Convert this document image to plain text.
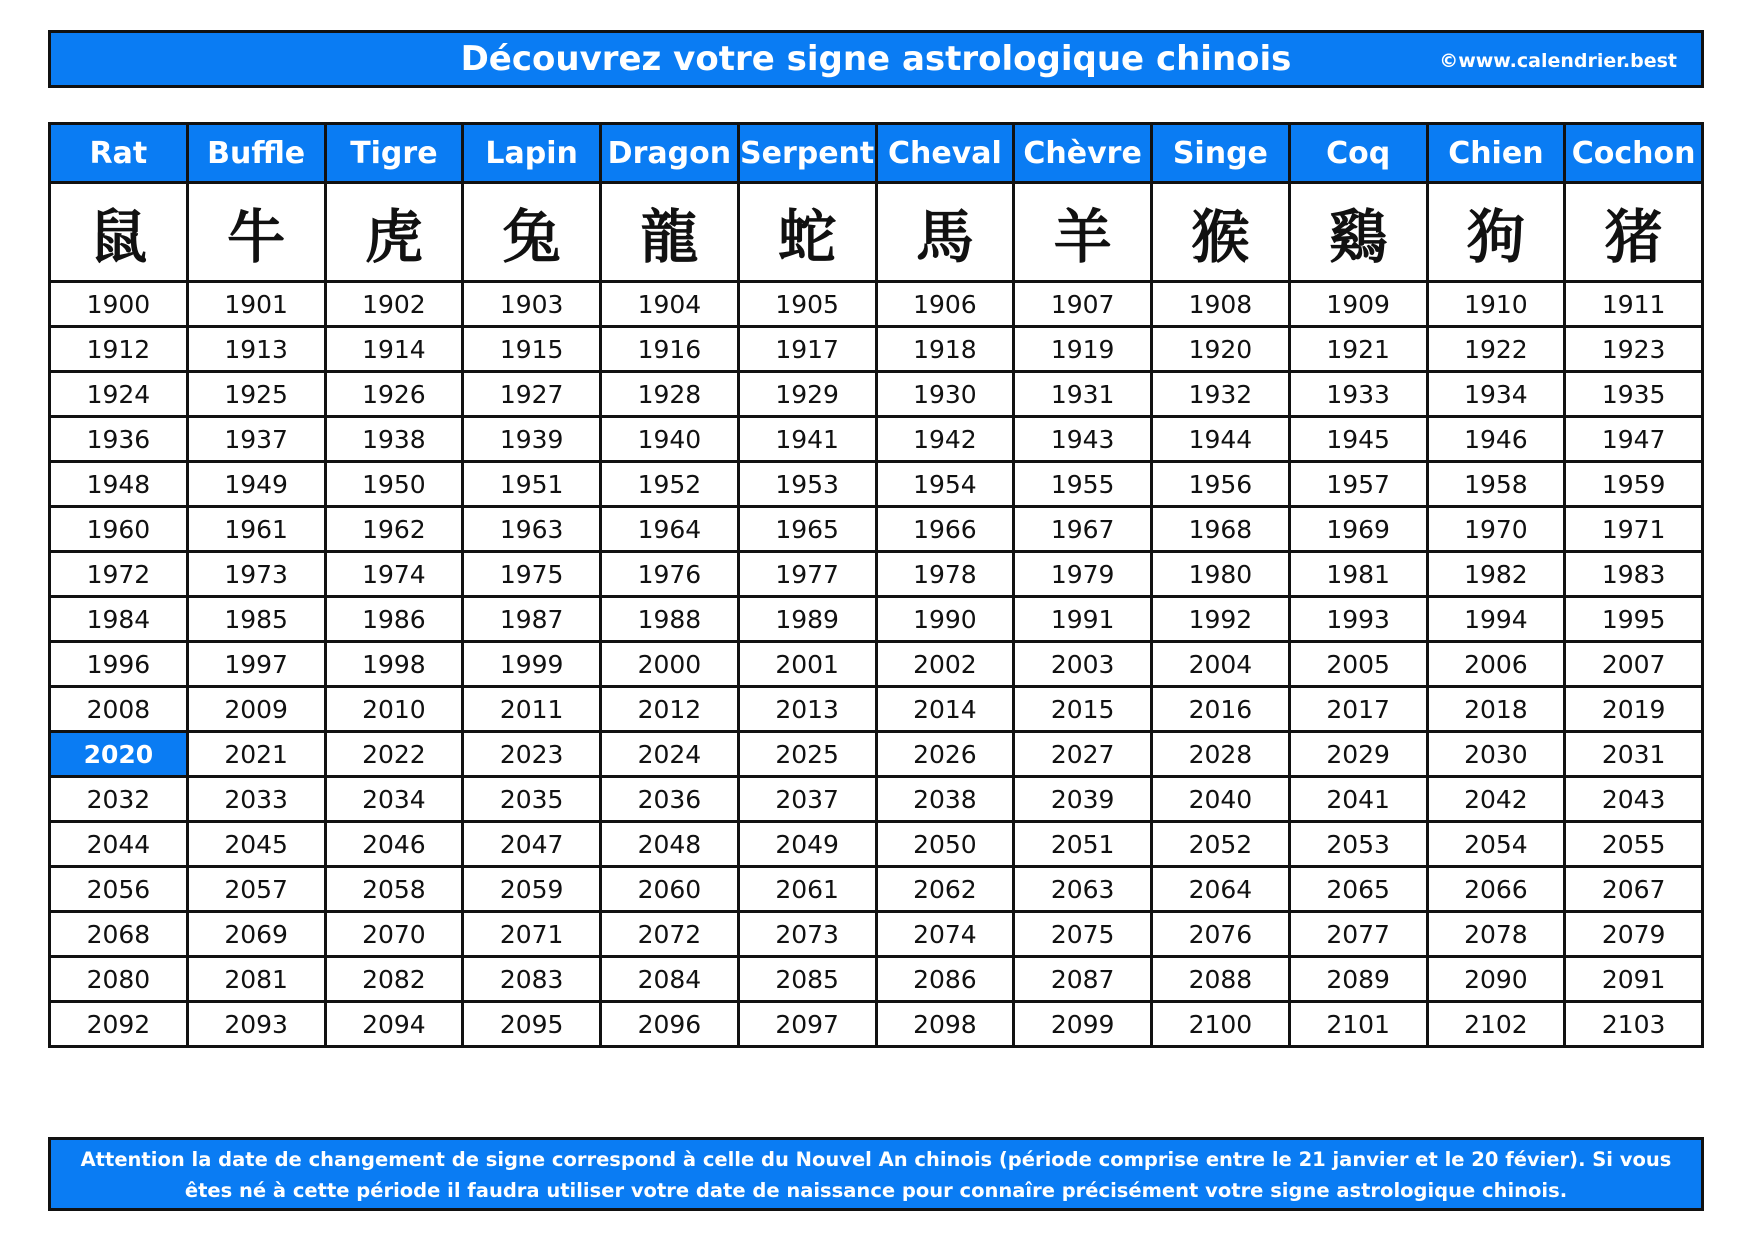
Découvrez votre signe astrologique chinois	©www.calendrier.best
Rat	Buffle	Tigre	Lapin	Dragon	Serpent	Cheval	Chèvre	Singe	Coq	Chien	Cochon
鼠	牛	虎	兔	龍	蛇	馬	羊	猴	鷄	狗	猪
1900	1901	1902	1903	1904	1905	1906	1907	1908	1909	1910	1911
1912	1913	1914	1915	1916	1917	1918	1919	1920	1921	1922	1923
1924	1925	1926	1927	1928	1929	1930	1931	1932	1933	1934	1935
1936	1937	1938	1939	1940	1941	1942	1943	1944	1945	1946	1947
1948	1949	1950	1951	1952	1953	1954	1955	1956	1957	1958	1959
1960	1961	1962	1963	1964	1965	1966	1967	1968	1969	1970	1971
1972	1973	1974	1975	1976	1977	1978	1979	1980	1981	1982	1983
1984	1985	1986	1987	1988	1989	1990	1991	1992	1993	1994	1995
1996	1997	1998	1999	2000	2001	2002	2003	2004	2005	2006	2007
2008	2009	2010	2011	2012	2013	2014	2015	2016	2017	2018	2019
2020	2021	2022	2023	2024	2025	2026	2027	2028	2029	2030	2031
2032	2033	2034	2035	2036	2037	2038	2039	2040	2041	2042	2043
2044	2045	2046	2047	2048	2049	2050	2051	2052	2053	2054	2055
2056	2057	2058	2059	2060	2061	2062	2063	2064	2065	2066	2067
2068	2069	2070	2071	2072	2073	2074	2075	2076	2077	2078	2079
2080	2081	2082	2083	2084	2085	2086	2087	2088	2089	2090	2091
2092	2093	2094	2095	2096	2097	2098	2099	2100	2101	2102	2103
Attention la date de changement de signe correspond à celle du Nouvel An chinois (période comprise entre le 21 janvier et le 20 févier). Si vous êtes né à cette période il faudra utiliser votre date de naissance pour connaîre précisément votre signe astrologique chinois.
